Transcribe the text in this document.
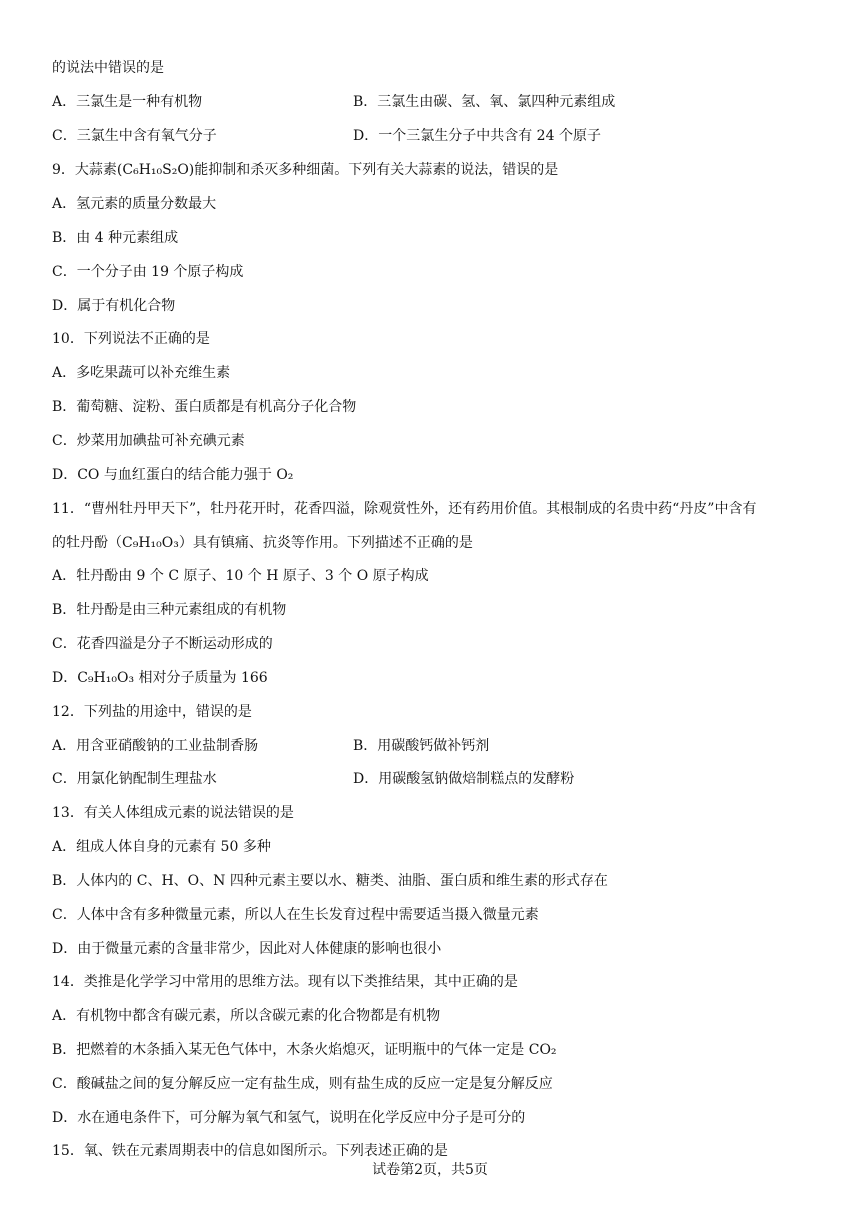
的说法中错误的是
A．三氯生是一种有机物	B．三氯生由碳、氢、氧、氯四种元素组成
C．三氯生中含有氧气分子	D．一个三氯生分子中共含有 24 个原子
9．大蒜素(C₆H₁₀S₂O)能抑制和杀灭多种细菌。下列有关大蒜素的说法，错误的是
A．氢元素的质量分数最大
B．由 4 种元素组成
C．一个分子由 19 个原子构成
D．属于有机化合物
10．下列说法不正确的是
A．多吃果蔬可以补充维生素
B．葡萄糖、淀粉、蛋白质都是有机高分子化合物
C．炒菜用加碘盐可补充碘元素
D．CO 与血红蛋白的结合能力强于 O₂
11．“曹州牡丹甲天下”，牡丹花开时，花香四溢，除观赏性外，还有药用价值。其根制成的名贵中药“丹皮”中含有
的牡丹酚（C₉H₁₀O₃）具有镇痛、抗炎等作用。下列描述不正确的是
A．牡丹酚由 9 个 C 原子、10 个 H 原子、3 个 O 原子构成
B．牡丹酚是由三种元素组成的有机物
C．花香四溢是分子不断运动形成的
D．C₉H₁₀O₃ 相对分子质量为 166
12．下列盐的用途中，错误的是
A．用含亚硝酸钠的工业盐制香肠	B．用碳酸钙做补钙剂
C．用氯化钠配制生理盐水	D．用碳酸氢钠做焙制糕点的发酵粉
13．有关人体组成元素的说法错误的是
A．组成人体自身的元素有 50 多种
B．人体内的 C、H、O、N 四种元素主要以水、糖类、油脂、蛋白质和维生素的形式存在
C．人体中含有多种微量元素，所以人在生长发育过程中需要适当摄入微量元素
D．由于微量元素的含量非常少，因此对人体健康的影响也很小
14．类推是化学学习中常用的思维方法。现有以下类推结果，其中正确的是
A．有机物中都含有碳元素，所以含碳元素的化合物都是有机物
B．把燃着的木条插入某无色气体中，木条火焰熄灭，证明瓶中的气体一定是 CO₂
C．酸碱盐之间的复分解反应一定有盐生成，则有盐生成的反应一定是复分解反应
D．水在通电条件下，可分解为氧气和氢气，说明在化学反应中分子是可分的
15．氧、铁在元素周期表中的信息如图所示。下列表述正确的是
试卷第2页，共5页
